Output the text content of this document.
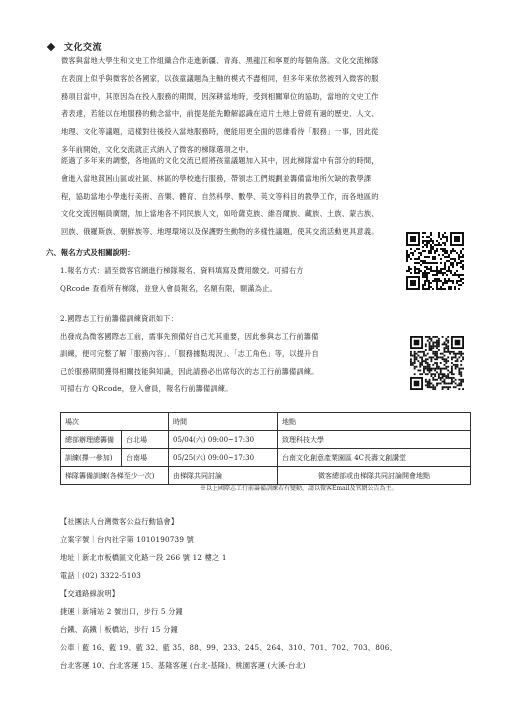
文化交流
微客與當地大學生和文史工作組織合作走進新疆、青海、黑龍江和寧夏的每個角落。文化交流梯隊
在表面上似乎與微客於各國家，以孩童議題為主軸的模式不盡相同，但多年來依然被列入微客的服
務項目當中，其原因為在投入服務的期間，因深耕當地時，受到相關單位的協助，當地的文史工作
者表達，若能以在地服務的動念當中，前提是能先瞭解認識在這片土地上曾經有過的歷史、人文、
地理、文化等議題，這樣對往後投入當地服務時，便能用更全面的思維看待「服務」一事，因此從
多年前開始，文化交流就正式納入了微客的梯隊選項之中。
經過了多年來的調整，各地區的文化交流已經將孩童議題加入其中，因此梯隊當中有部分的時間，
會進入當地貧困山區或社區、林區的學校進行服務，帶領志工們規劃並籌備當地所欠缺的教學課
程，協助當地小學進行美術、音樂、體育、自然科學、數學、英文等科目的教學工作，而各地區的
文化交流因幅員廣闊，加上當地各不同民族人文，如哈薩克族、維吾爾族、藏族、土族、蒙古族、
回族、俄羅斯族、朝鮮族等、地理環境以及保護野生動物的多樣性議題，使其交流活動更具意義。
六、報名方式及相關說明：
1.報名方式：請至微客官網進行梯隊報名、資料填寫及費用繳交。可掃右方
QRcode 查看所有梯隊，並登入會員報名，名額有限，額滿為止。
2.國際志工行前籌備訓練資訊如下：
出發成為微客國際志工前，需事先預備好自己尤其重要，因此參與志工行前籌備
訓練，便可完整了解「服務內容」、「服務據點現況」、「志工角色」等，以提升自
己於服務期間獲得相關技能與知識，因此請務必出席每次的志工行前籌備訓練。
可掃右方 QRcode，登入會員，報名行前籌備訓練。
場次		時間	地點
總部辦理總籌備	台北場	05/04(六) 09:00~17:30	致理科技大學
訓練(擇一參加)	台南場	05/25(六) 09:00~17:30	台南文化創意產業園區 4C長壽文創講堂
梯隊籌備訓練(各梯至少一次)		由梯隊共同討論	微客總部或由梯隊共同討論開會地點
※以上國際志工行前籌備訓練若有變動，請以微客Email及官網公告為主。
【社團法人台灣微客公益行動協會】
立案字號｜台內社字第 1010190739 號
地址｜新北市板橋區文化路一段 266 號 12 樓之 1
電話｜(02) 3322-5103
【交通路線說明】
捷運｜新埔站 2 號出口，步行 5 分鐘
台鐵、高鐵｜板橋站，步行 15 分鐘
公車｜藍 16、藍 19、藍 32、藍 35、88、99、233、245、264、310、701、702、703、806、
台北客運 10、台北客運 15、基隆客運 (台北-基隆)、桃園客運 (大溪-台北)
